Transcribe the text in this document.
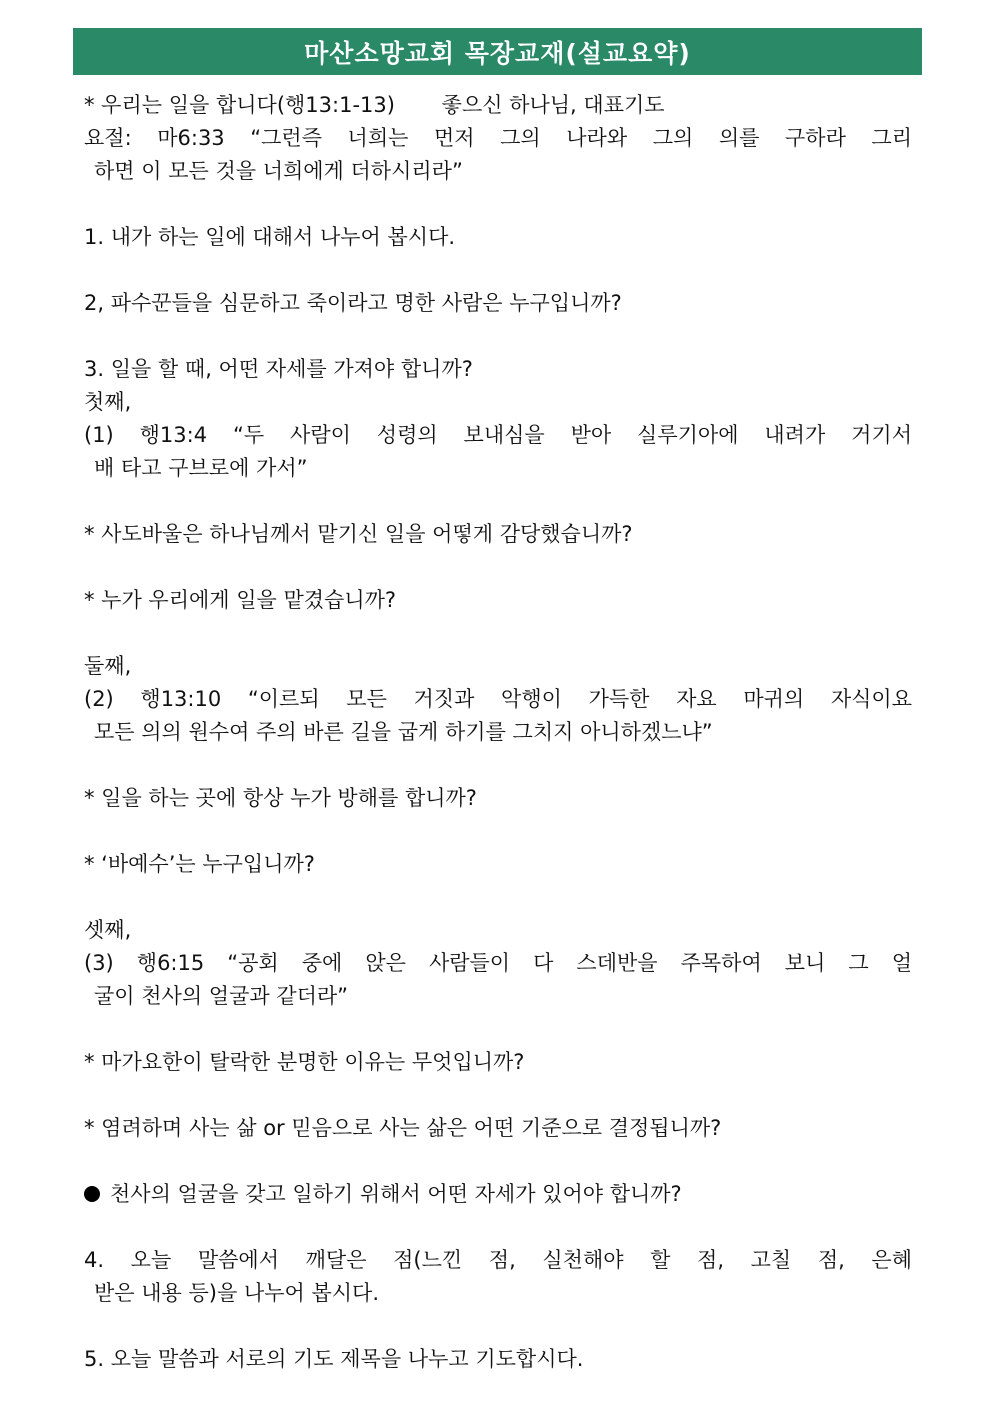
마산소망교회 목장교재(설교요약)
* 우리는 일을 합니다(행13:1-13)       좋으신 하나님, 대표기도
요절: 마6:33 “그런즉 너희는 먼저 그의 나라와 그의 의를 구하라 그리
하면 이 모든 것을 너희에게 더하시리라”
1. 내가 하는 일에 대해서 나누어 봅시다.
2, 파수꾼들을 심문하고 죽이라고 명한 사람은 누구입니까?
3. 일을 할 때, 어떤 자세를 가져야 합니까?
첫째,
(1) 행13:4 “두 사람이 성령의 보내심을 받아 실루기아에 내려가 거기서
배 타고 구브로에 가서”
* 사도바울은 하나님께서 맡기신 일을 어떻게 감당했습니까?
* 누가 우리에게 일을 맡겼습니까?
둘째,
(2) 행13:10 “이르되 모든 거짓과 악행이 가득한 자요 마귀의 자식이요
모든 의의 원수여 주의 바른 길을 굽게 하기를 그치지 아니하겠느냐”
* 일을 하는 곳에 항상 누가 방해를 합니까?
* ‘바예수’는 누구입니까?
셋째,
(3) 행6:15 “공회 중에 앉은 사람들이 다 스데반을 주목하여 보니 그 얼
굴이 천사의 얼굴과 같더라”
* 마가요한이 탈락한 분명한 이유는 무엇입니까?
* 염려하며 사는 삶 or 믿음으로 사는 삶은 어떤 기준으로 결정됩니까?
천사의 얼굴을 갖고 일하기 위해서 어떤 자세가 있어야 합니까?
4. 오늘 말씀에서 깨달은 점(느낀 점, 실천해야 할 점, 고칠 점, 은혜
받은 내용 등)을 나누어 봅시다.
5. 오늘 말씀과 서로의 기도 제목을 나누고 기도합시다.
